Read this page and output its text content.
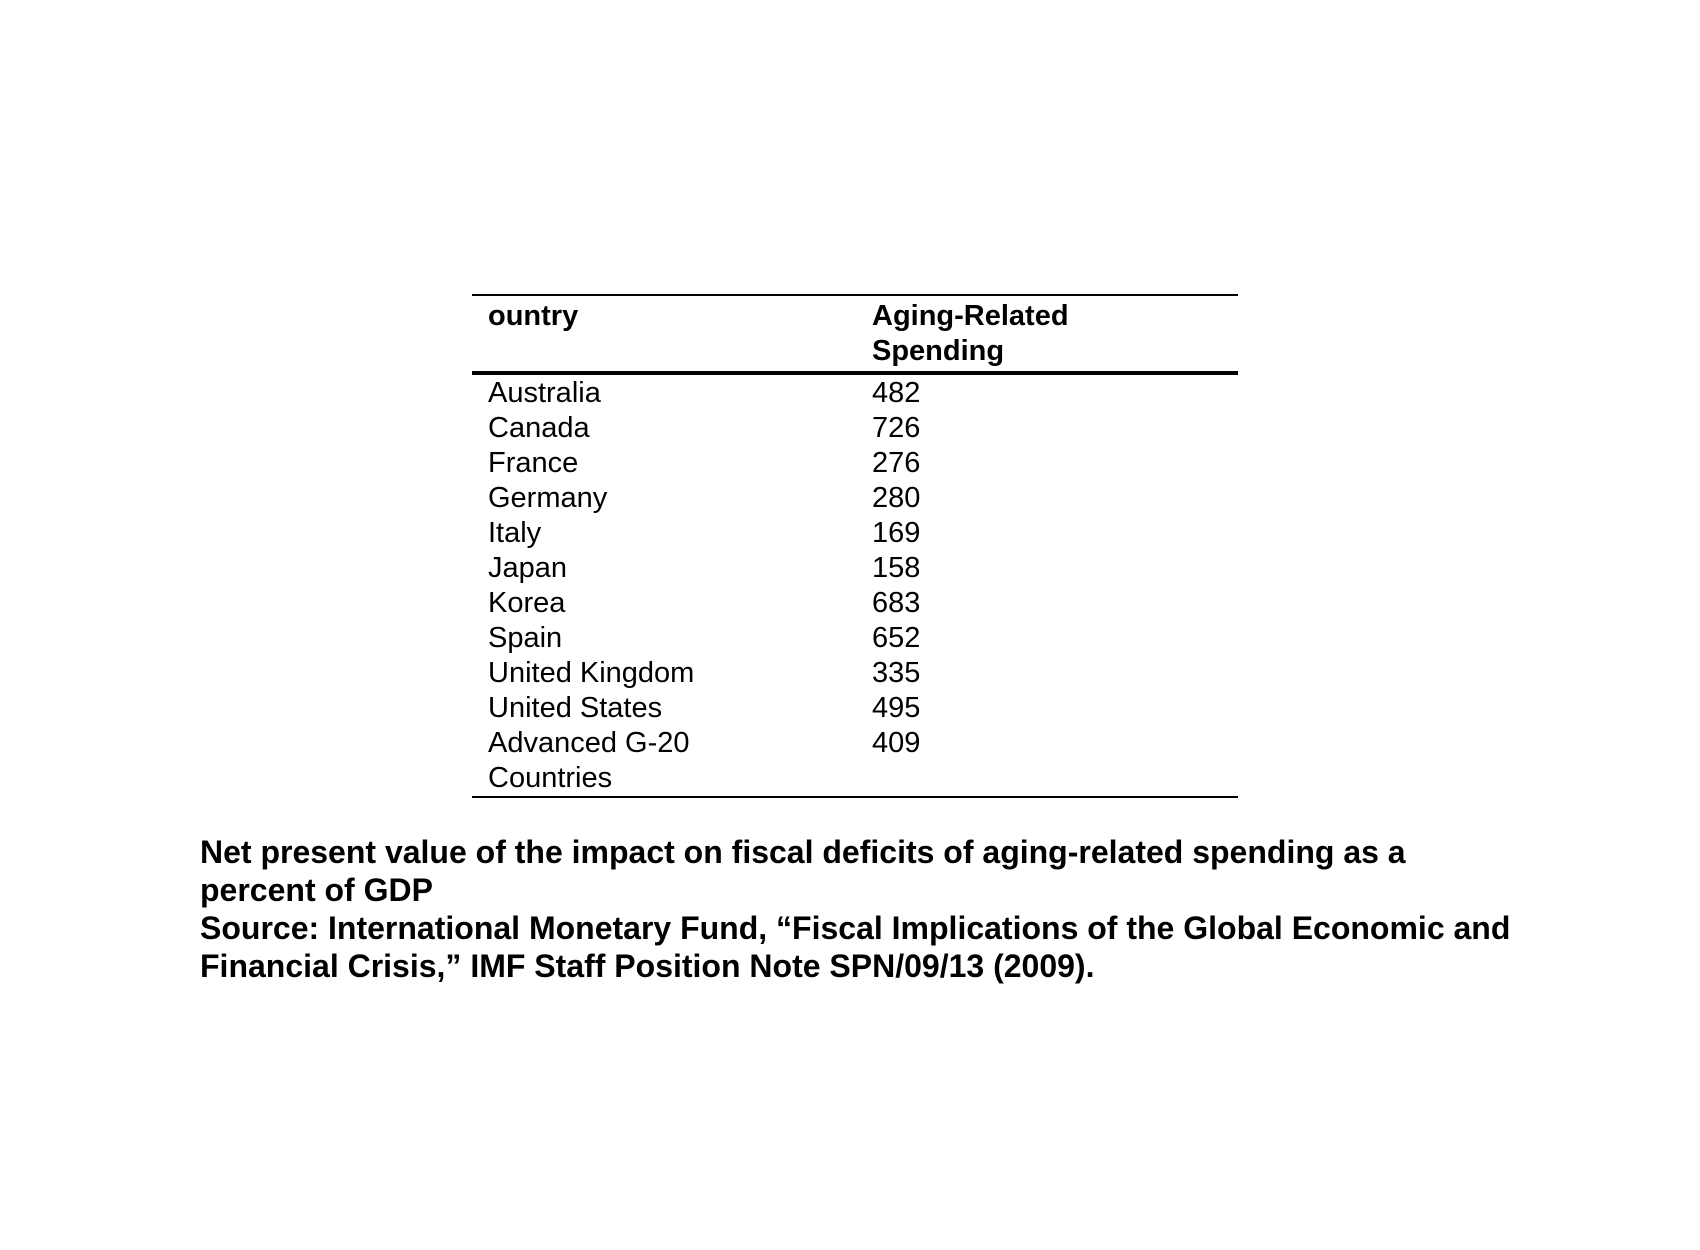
ountry	Aging-Related Spending

Australia	482

Canada	726

France	276

Germany	280

Italy	169

Japan	158

Korea	683

Spain	652

United Kingdom	335

United States	495

Advanced G-20 Countries	409

Net present value of the impact on fiscal deficits of aging-related spending as a percent of GDP

Source: International Monetary Fund, “Fiscal Implications of the Global Economic and Financial Crisis,” IMF Staff Position Note SPN/09/13 (2009).
